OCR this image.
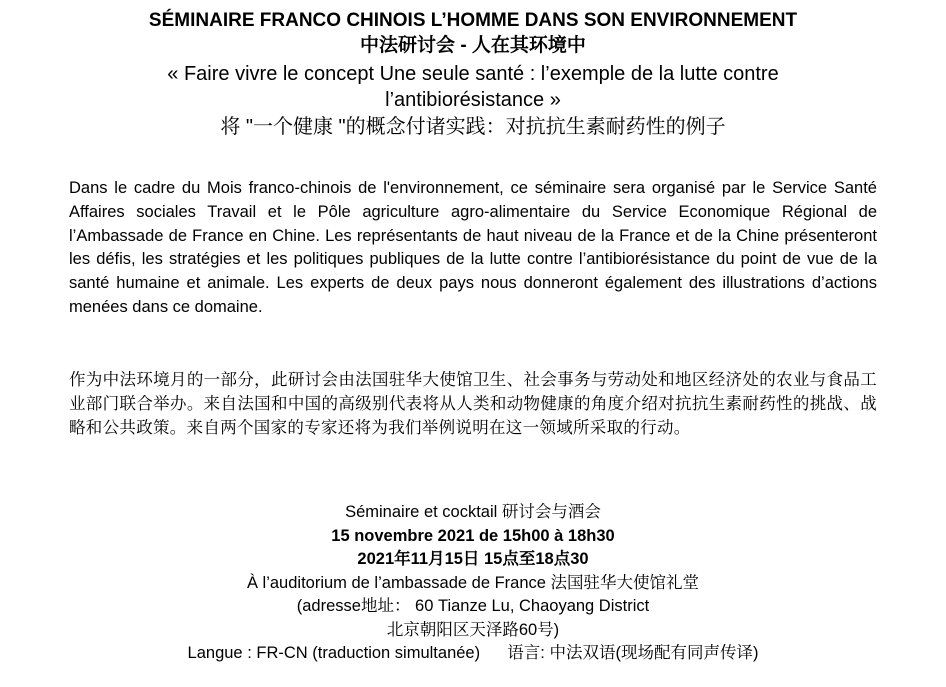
SÉMINAIRE FRANCO CHINOIS L’HOMME DANS SON ENVIRONNEMENT
中法研讨会 - 人在其环境中
« Faire vivre le concept Une seule santé : l’exemple de la lutte contre l’antibiorésistance »
将 "一个健康 "的概念付诸实践：对抗抗生素耐药性的例子

Dans le cadre du Mois franco-chinois de l'environnement, ce séminaire sera organisé par le Service Santé Affaires sociales Travail et le Pôle agriculture agro-alimentaire du Service Economique Régional de l’Ambassade de France en Chine. Les représentants de haut niveau de la France et de la Chine présenteront les défis, les stratégies et les politiques publiques de la lutte contre l’antibiorésistance du point de vue de la santé humaine et animale. Les experts de deux pays nous donneront également des illustrations d’actions menées dans ce domaine.

作为中法环境月的一部分，此研讨会由法国驻华大使馆卫生、社会事务与劳动处和地区经济处的农业与食品工业部门联合举办。来自法国和中国的高级别代表将从人类和动物健康的角度介绍对抗抗生素耐药性的挑战、战略和公共政策。来自两个国家的专家还将为我们举例说明在这一领域所采取的行动。

Séminaire et cocktail 研讨会与酒会
15 novembre 2021 de 15h00 à 18h30
2021年11月15日 15点至18点30
À l’auditorium de l’ambassade de France 法国驻华大使馆礼堂
(adresse地址： 60 Tianze Lu, Chaoyang District
北京朝阳区天泽路60号)
Langue : FR-CN (traduction simultanée) 语言: 中法双语(现场配有同声传译)
